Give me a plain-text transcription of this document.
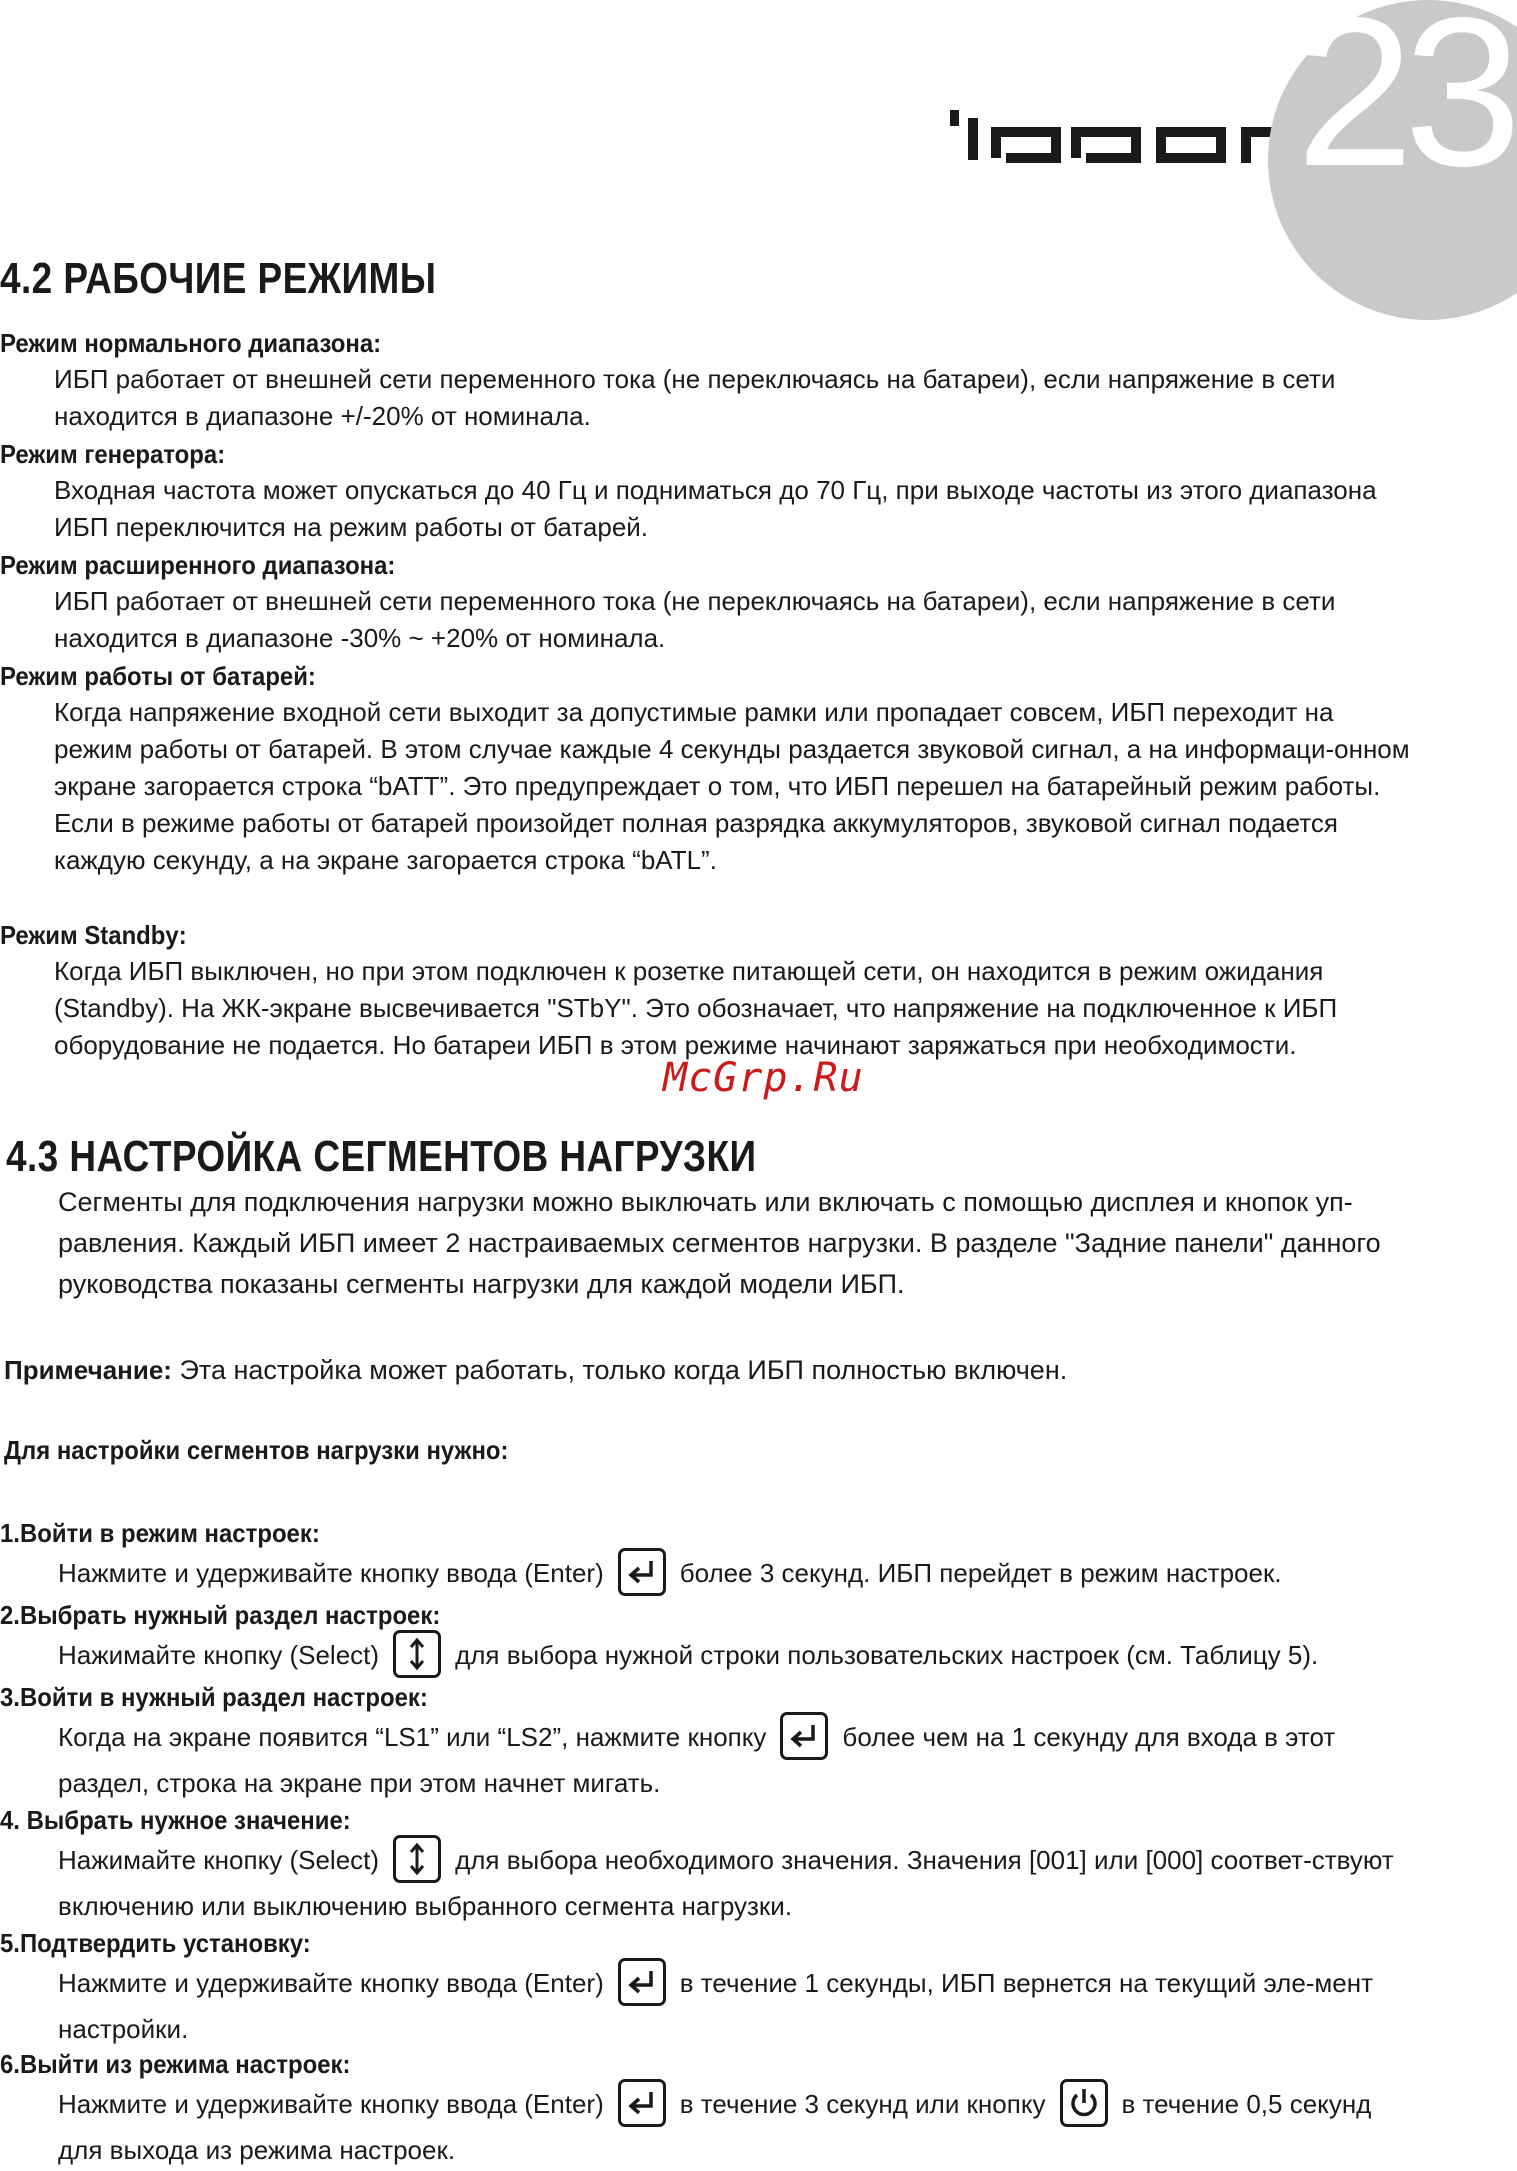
23
4.2 РАБОЧИЕ РЕЖИМЫ

Режим нормального диапазона:

ИБП работает от внешней сети переменного тока (не переключаясь на батареи), если напряжение в сети находится в диапазоне +/-20% от номинала.

Режим генератора:

Входная частота может опускаться до 40 Гц и подниматься до 70 Гц, при выходе частоты из этого диапазона ИБП переключится на режим работы от батарей.

Режим расширенного диапазона:

ИБП работает от внешней сети переменного тока (не переключаясь на батареи), если напряжение в сети находится в диапазоне -30% ~ +20% от номинала.

Режим работы от батарей:

Когда напряжение входной сети выходит за допустимые рамки или пропадает совсем, ИБП переходит на режим работы от батарей. В этом случае каждые 4 секунды раздается звуковой сигнал, а на информаци-онном экране загорается строка “bATT”. Это предупреждает о том, что ИБП перешел на батарейный режим работы.

Если в режиме работы от батарей произойдет полная разрядка аккумуляторов, звуковой сигнал подается каждую секунду, а на экране загорается строка “bATL”.

Режим Standby:

Когда ИБП выключен, но при этом подключен к розетке питающей сети, он находится в режим ожидания (Standby). На ЖК-экране высвечивается "STbY". Это обозначает, что напряжение на подключенное к ИБП оборудование не подается. Но батареи ИБП в этом режиме начинают заряжаться при необходимости.

McGrp.Ru
4.3 НАСТРОЙКА СЕГМЕНТОВ НАГРУЗКИ

Сегменты для подключения нагрузки можно выключать или включать с помощью дисплея и кнопок уп-равления. Каждый ИБП имеет 2 настраиваемых сегментов нагрузки. В разделе "Задние панели" данного руководства показаны сегменты нагрузки для каждой модели ИБП.

Примечание: Эта настройка может работать, только когда ИБП полностью включен.

Для настройки сегментов нагрузки нужно:

1.Войти в режим настроек:

Нажмите и удерживайте кнопку ввода (Enter)	более 3 секунд. ИБП перейдет в режим настроек.

2.Выбрать нужный раздел настроек:

Нажимайте кнопку (Select)	для выбора нужной строки пользовательских настроек (см. Таблицу 5).

3.Войти в нужный раздел настроек:

Когда на экране появится “LS1” или “LS2”, нажмите кнопку	более чем на 1 секунду для входа в этот раздел, строка на экране при этом начнет мигать.

4. Выбрать нужное значение:

Нажимайте кнопку (Select)	для выбора необходимого значения. Значения [001] или [000] соответ-ствуют включению или выключению выбранного сегмента нагрузки.

5.Подтвердить установку:

Нажмите и удерживайте кнопку ввода (Enter)	в течение 1 секунды, ИБП вернется на текущий эле-мент настройки.

6.Выйти из режима настроек:

Нажмите и удерживайте кнопку ввода (Enter)	в течение 3 секунд или кнопку	в течение 0,5 секунд для выхода из режима настроек.
